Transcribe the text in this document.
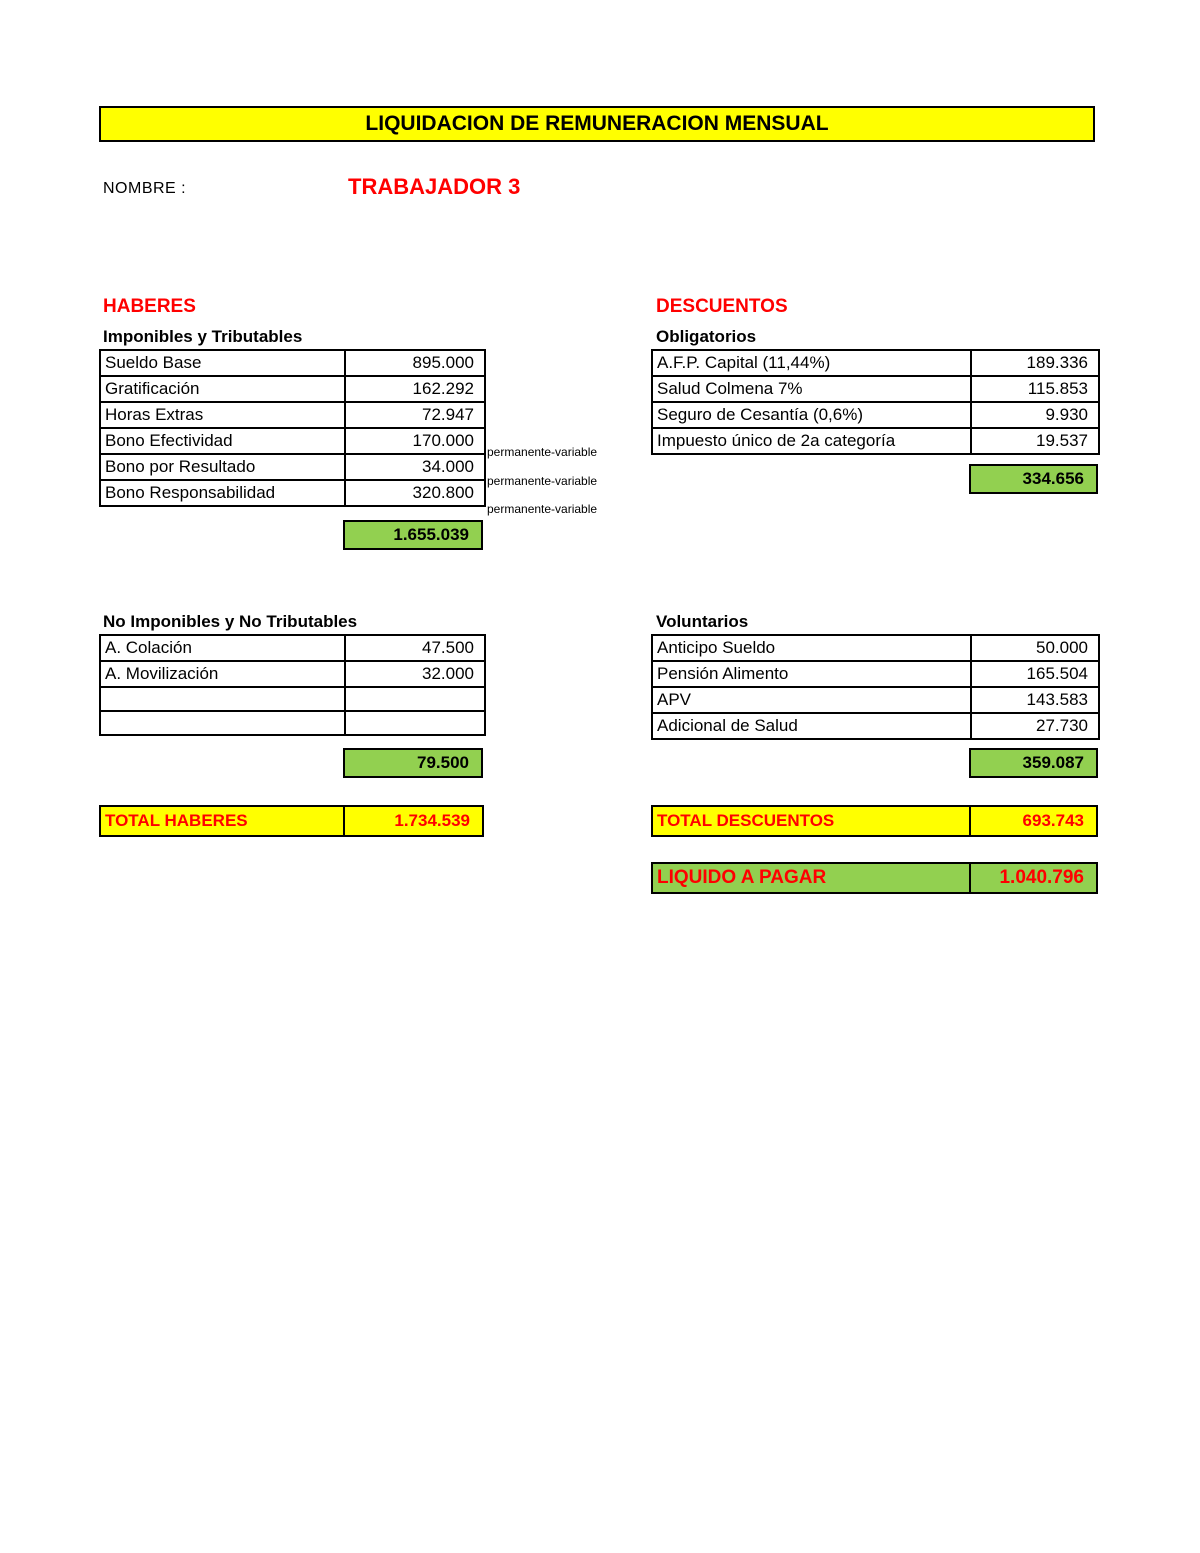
LIQUIDACION DE REMUNERACION MENSUAL
NOMBRE :	TRABAJADOR 3
HABERES
Imponibles y Tributables
Sueldo Base	895.000
Gratificación	162.292
Horas Extras	72.947
Bono Efectividad	170.000
Bono por Resultado	34.000
Bono Responsabilidad	320.800
permanente-variable
permanente-variable
permanente-variable
1.655.039
No Imponibles y No Tributables
A. Colación	47.500
A. Movilización	32.000

79.500
TOTAL HABERES	1.734.539
DESCUENTOS
Obligatorios
A.F.P. Capital (11,44%)	189.336
Salud Colmena 7%	115.853
Seguro de Cesantía (0,6%)	9.930
Impuesto único de 2a categoría	19.537
334.656
Voluntarios
Anticipo Sueldo	50.000
Pensión Alimento	165.504
APV	143.583
Adicional de Salud	27.730
359.087
TOTAL DESCUENTOS	693.743
LIQUIDO A PAGAR	1.040.796
